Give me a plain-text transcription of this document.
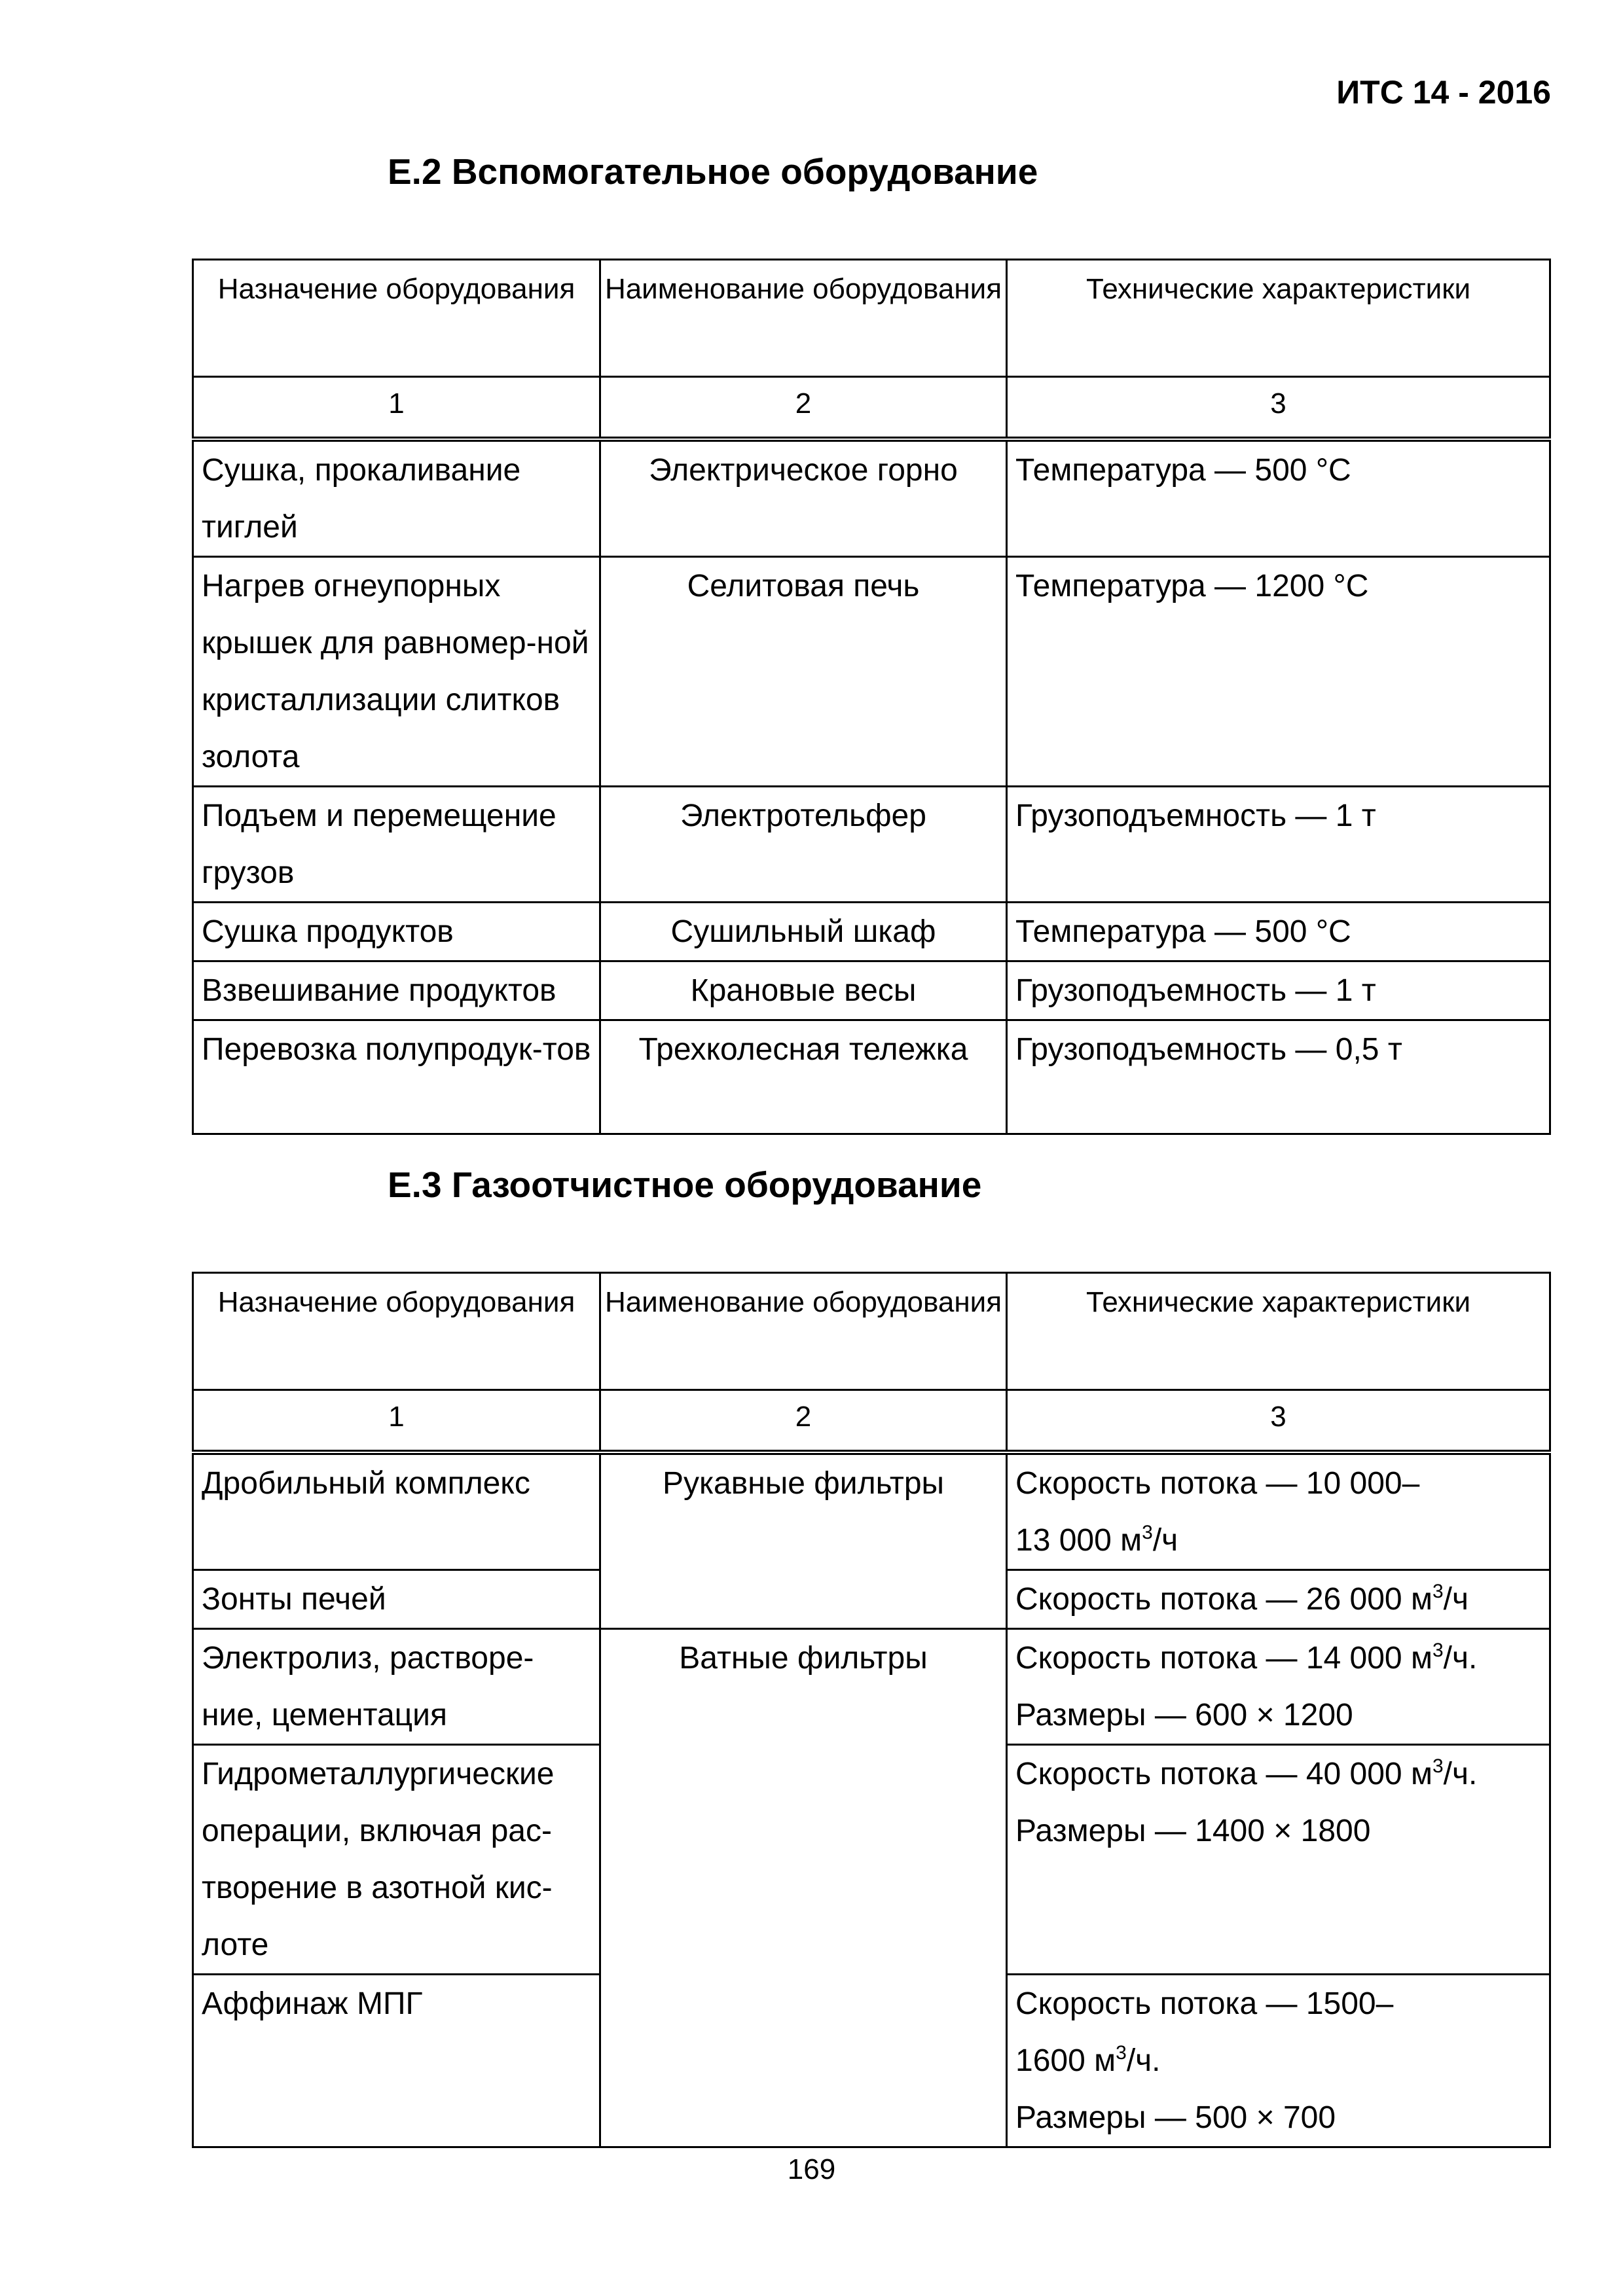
ИТС 14 - 2016
Е.2 Вспомогательное оборудование
Назначение оборудования	Наименование оборудования	Технические характеристики
1	2	3
Сушка, прокаливание тиглей	Электрическое горно	Температура — 500 °С
Нагрев огнеупорных крышек для равномер-ной кристаллизации слитков золота	Селитовая печь	Температура — 1200 °С
Подъем и перемещение грузов	Электротельфер	Грузоподъемность — 1 т
Сушка продуктов	Сушильный шкаф	Температура — 500 °С
Взвешивание продуктов	Крановые весы	Грузоподъемность — 1 т
Перевозка полупродук-тов	Трехколесная тележка	Грузоподъемность — 0,5 т
Е.3 Газоотчистное оборудование
Назначение оборудования	Наименование оборудования	Технические характеристики
1	2	3
Дробильный комплекс	Рукавные фильтры	Скорость потока — 10 000–
13 000 $м^3/ч$
Зонты печей		Скорость потока — 26 000 $м^3/ч$
Электролиз, растворе-ние, цементация	Ватные фильтры	Скорость потока — 14 000 $м^3/ч$.
Размеры — 600 × 1200
Гидрометаллургические операции, включая рас-творение в азотной кис-лоте		Скорость потока — 40 000 $м^3/ч$.
Размеры — 1400 × 1800
Аффинаж МПГ		Скорость потока — 1500–
1600 $м^3/ч$.
Размеры — 500 × 700
169
